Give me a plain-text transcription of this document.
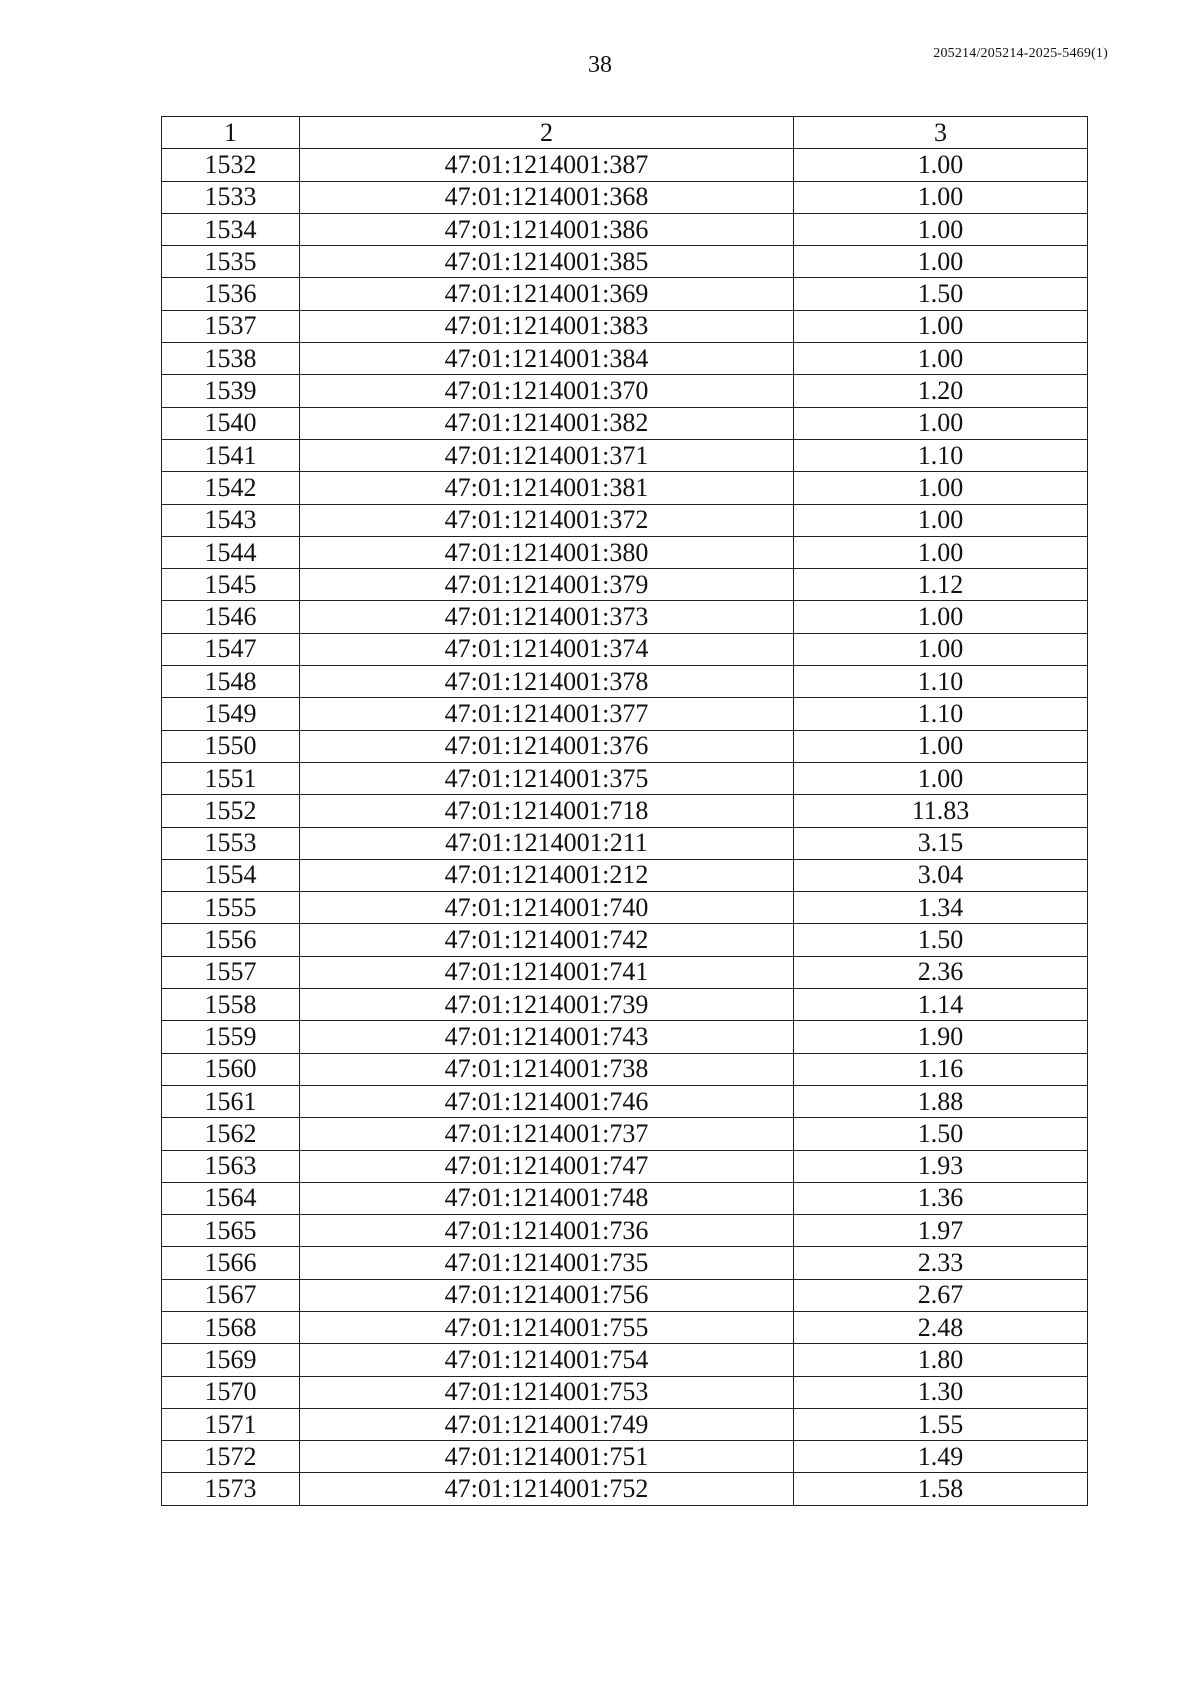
38	205214/205214-2025-5469(1)
1	2	3
1532	47:01:1214001:387	1.00
1533	47:01:1214001:368	1.00
1534	47:01:1214001:386	1.00
1535	47:01:1214001:385	1.00
1536	47:01:1214001:369	1.50
1537	47:01:1214001:383	1.00
1538	47:01:1214001:384	1.00
1539	47:01:1214001:370	1.20
1540	47:01:1214001:382	1.00
1541	47:01:1214001:371	1.10
1542	47:01:1214001:381	1.00
1543	47:01:1214001:372	1.00
1544	47:01:1214001:380	1.00
1545	47:01:1214001:379	1.12
1546	47:01:1214001:373	1.00
1547	47:01:1214001:374	1.00
1548	47:01:1214001:378	1.10
1549	47:01:1214001:377	1.10
1550	47:01:1214001:376	1.00
1551	47:01:1214001:375	1.00
1552	47:01:1214001:718	11.83
1553	47:01:1214001:211	3.15
1554	47:01:1214001:212	3.04
1555	47:01:1214001:740	1.34
1556	47:01:1214001:742	1.50
1557	47:01:1214001:741	2.36
1558	47:01:1214001:739	1.14
1559	47:01:1214001:743	1.90
1560	47:01:1214001:738	1.16
1561	47:01:1214001:746	1.88
1562	47:01:1214001:737	1.50
1563	47:01:1214001:747	1.93
1564	47:01:1214001:748	1.36
1565	47:01:1214001:736	1.97
1566	47:01:1214001:735	2.33
1567	47:01:1214001:756	2.67
1568	47:01:1214001:755	2.48
1569	47:01:1214001:754	1.80
1570	47:01:1214001:753	1.30
1571	47:01:1214001:749	1.55
1572	47:01:1214001:751	1.49
1573	47:01:1214001:752	1.58
